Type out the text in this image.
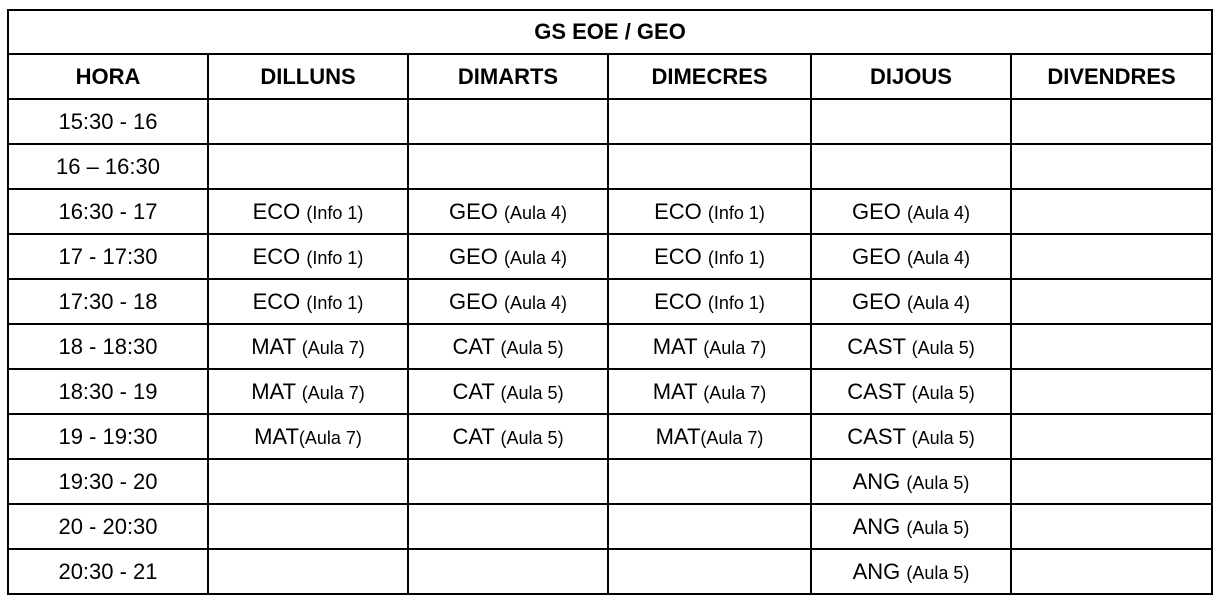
GS EOE / GEO					
HORA	DILLUNS	DIMARTS	DIMECRES	DIJOUS	DIVENDRES
15:30 - 16					
16 – 16:30					
16:30 - 17	ECO (Info 1)	GEO (Aula 4)	ECO (Info 1)	GEO (Aula 4)	
17 - 17:30	ECO (Info 1)	GEO (Aula 4)	ECO (Info 1)	GEO (Aula 4)	
17:30 - 18	ECO (Info 1)	GEO (Aula 4)	ECO (Info 1)	GEO (Aula 4)	
18 - 18:30	MAT (Aula 7)	CAT (Aula 5)	MAT (Aula 7)	CAST (Aula 5)	
18:30 - 19	MAT (Aula 7)	CAT (Aula 5)	MAT (Aula 7)	CAST (Aula 5)	
19 - 19:30	MAT(Aula 7)	CAT (Aula 5)	MAT(Aula 7)	CAST (Aula 5)	
19:30 - 20				ANG (Aula 5)	
20 - 20:30				ANG (Aula 5)	
20:30 - 21				ANG (Aula 5)	
